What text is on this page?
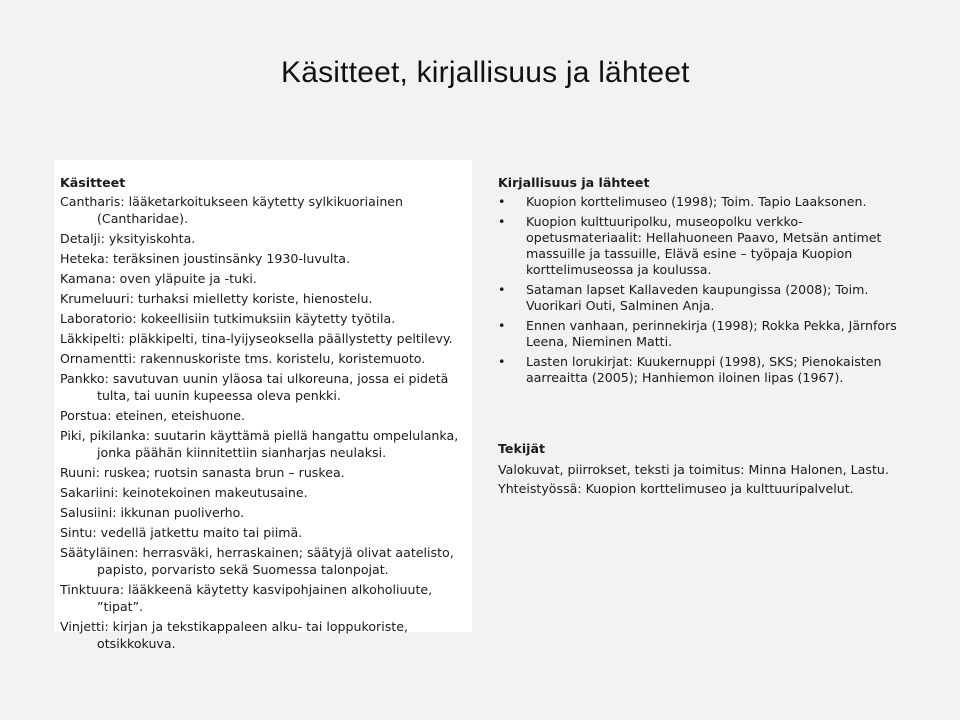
Käsitteet, kirjallisuus ja lähteet
Käsitteet
Cantharis: lääketarkoitukseen käytetty sylkikuoriainen (Cantharidae).
Detalji: yksityiskohta.
Heteka: teräksinen joustinsänky 1930-luvulta.
Kamana: oven yläpuite ja -tuki.
Krumeluuri: turhaksi mielletty koriste, hienostelu.
Laboratorio: kokeellisiin tutkimuksiin käytetty työtila.
Läkkipelti: pläkkipelti, tina-lyijyseoksella päällystetty peltilevy.
Ornamentti: rakennuskoriste tms. koristelu, koristemuoto.
Pankko: savutuvan uunin yläosa tai ulkoreuna, jossa ei pidetä tulta, tai uunin kupeessa oleva penkki.
Porstua: eteinen, eteishuone.
Piki, pikilanka: suutarin käyttämä piellä hangattu ompelulanka, jonka päähän kiinnitettiin sianharjas neulaksi.
Ruuni: ruskea; ruotsin sanasta brun – ruskea.
Sakariini: keinotekoinen makeutusaine.
Salusiini: ikkunan puoliverho.
Sintu: vedellä jatkettu maito tai piimä.
Säätyläinen: herrasväki, herraskainen; säätyjä olivat aatelisto, papisto, porvaristo sekä Suomessa talonpojat.
Tinktuura: lääkkeenä käytetty kasvipohjainen alkoholiuute, ”tipat”.
Vinjetti: kirjan ja tekstikappaleen alku- tai loppukoriste, otsikkokuva.
Kirjallisuus ja lähteet
• Kuopion korttelimuseo (1998); Toim. Tapio Laaksonen.
• Kuopion kulttuuripolku, museopolku verkko-opetusmateriaalit: Hellahuoneen Paavo, Metsän antimet massuille ja tassuille, Elävä esine – työpaja Kuopion korttelimuseossa ja koulussa.
• Sataman lapset Kallaveden kaupungissa (2008); Toim. Vuorikari Outi, Salminen Anja.
• Ennen vanhaan, perinnekirja (1998); Rokka Pekka, Järnfors Leena, Nieminen Matti.
• Lasten lorukirjat: Kuukernuppi (1998), SKS; Pienokaisten aarreaitta (2005); Hanhiemon iloinen lipas (1967).
Tekijät
Valokuvat, piirrokset, teksti ja toimitus: Minna Halonen, Lastu.
Yhteistyössä: Kuopion korttelimuseo ja kulttuuripalvelut.
